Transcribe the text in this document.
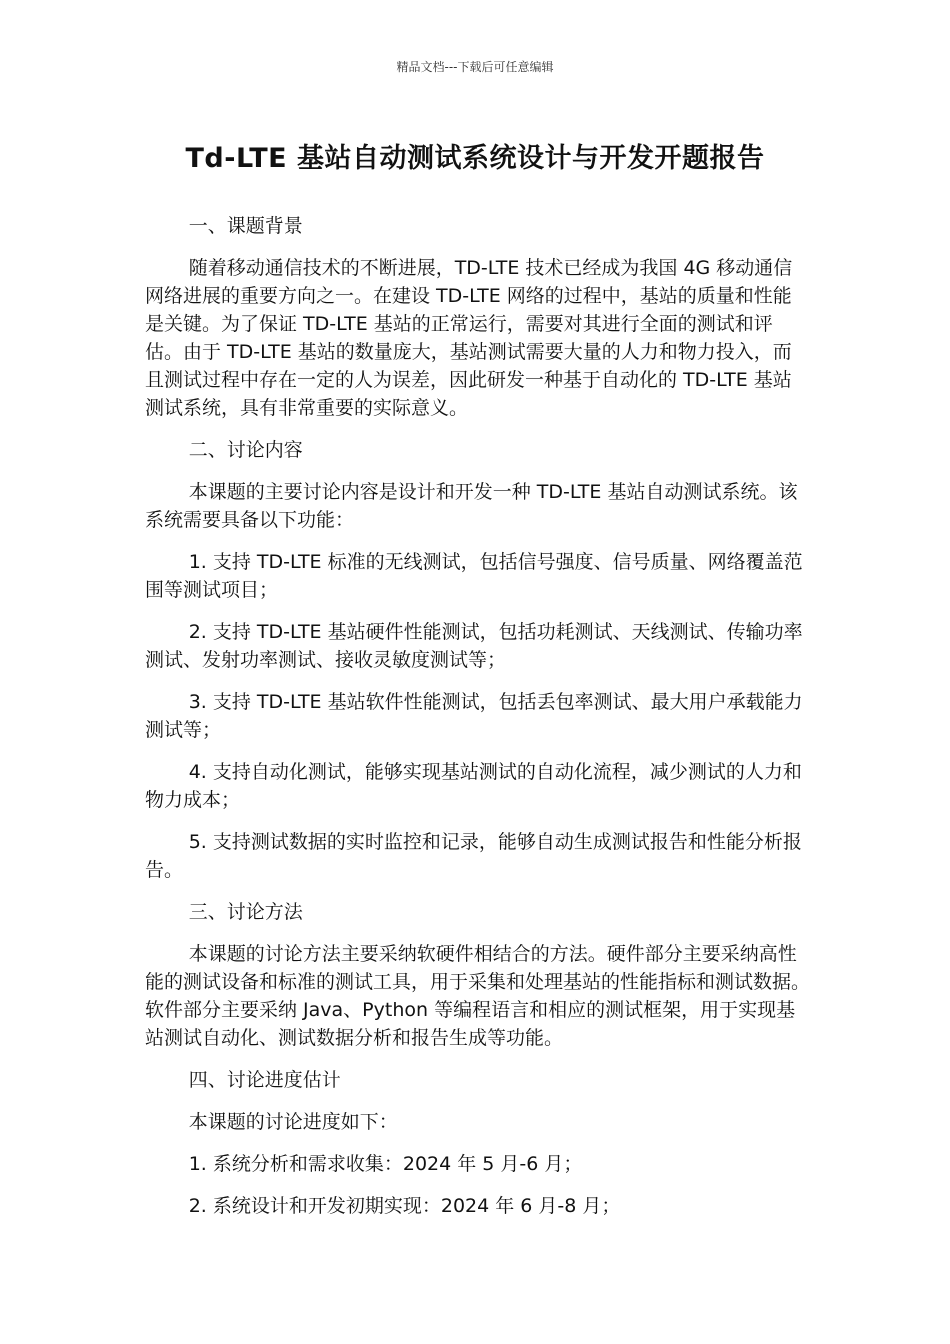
精品文档---下载后可任意编辑
Td-LTE 基站自动测试系统设计与开发开题报告

一、课题背景

随着移动通信技术的不断进展，TD-LTE 技术已经成为我国 4G 移动通信网络进展的重要方向之一。在建设 TD-LTE 网络的过程中，基站的质量和性能是关键。为了保证 TD-LTE 基站的正常运行，需要对其进行全面的测试和评估。由于 TD-LTE 基站的数量庞大，基站测试需要大量的人力和物力投入，而且测试过程中存在一定的人为误差，因此研发一种基于自动化的 TD-LTE 基站测试系统，具有非常重要的实际意义。

二、讨论内容

本课题的主要讨论内容是设计和开发一种 TD-LTE 基站自动测试系统。该系统需要具备以下功能：

1. 支持 TD-LTE 标准的无线测试，包括信号强度、信号质量、网络覆盖范围等测试项目；

2. 支持 TD-LTE 基站硬件性能测试，包括功耗测试、天线测试、传输功率测试、发射功率测试、接收灵敏度测试等；

3. 支持 TD-LTE 基站软件性能测试，包括丢包率测试、最大用户承载能力测试等；

4. 支持自动化测试，能够实现基站测试的自动化流程，减少测试的人力和物力成本；

5. 支持测试数据的实时监控和记录，能够自动生成测试报告和性能分析报告。

三、讨论方法

本课题的讨论方法主要采纳软硬件相结合的方法。硬件部分主要采纳高性能的测试设备和标准的测试工具，用于采集和处理基站的性能指标和测试数据。软件部分主要采纳 Java、Python 等编程语言和相应的测试框架，用于实现基站测试自动化、测试数据分析和报告生成等功能。

四、讨论进度估计

本课题的讨论进度如下：

1. 系统分析和需求收集：2024 年 5 月-6 月；

2. 系统设计和开发初期实现：2024 年 6 月-8 月；
